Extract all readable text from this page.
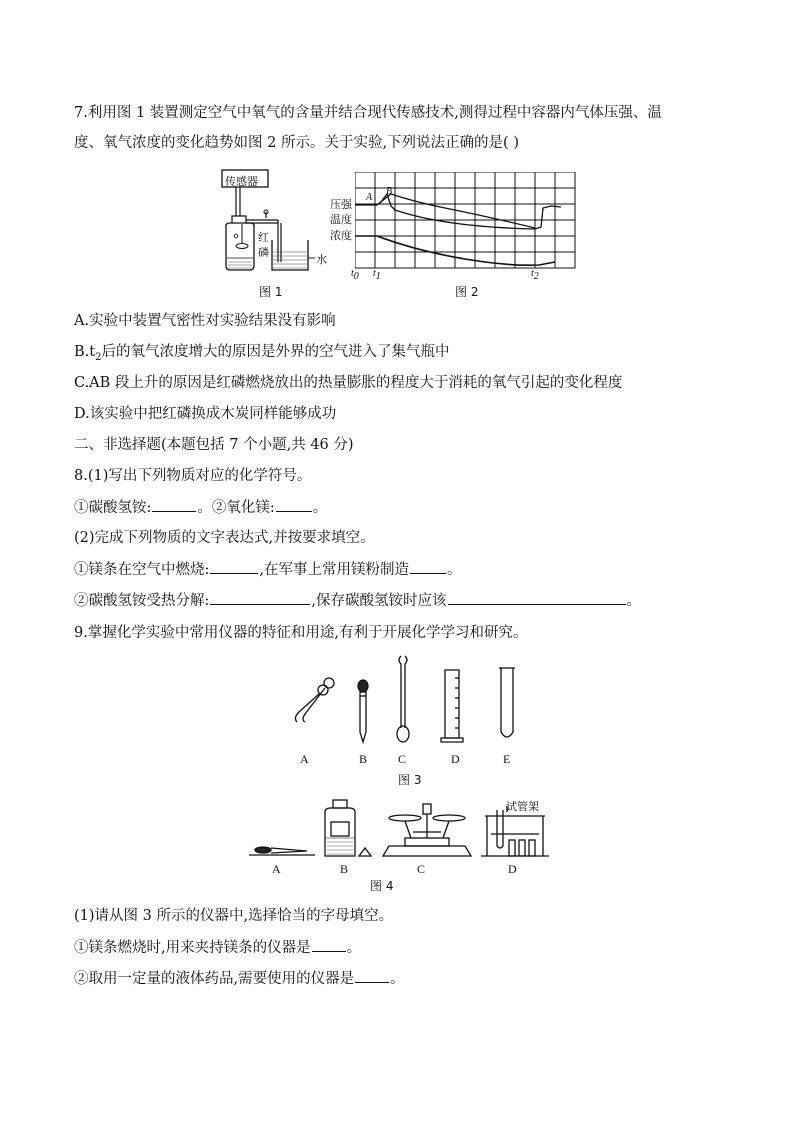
7.利用图 1 装置测定空气中氧气的含量并结合现代传感技术,测得过程中容器内气体压强、温
度、氧气浓度的变化趋势如图 2 所示。关于实验,下列说法正确的是( )
传感器
红
磷
水
图 1
压强
温度
浓度
A
B
$t_0$ $t_1$	$t_2$
图 2
A.实验中装置气密性对实验结果没有影响
$B.t_2$后的氧气浓度增大的原因是外界的空气进入了集气瓶中
C.AB 段上升的原因是红磷燃烧放出的热量膨胀的程度大于消耗的氧气引起的变化程度
D.该实验中把红磷换成木炭同样能够成功
二、非选择题(本题包括 7 个小题,共 46 分)
8.(1)写出下列物质对应的化学符号。
①碳酸氢铵:	。②氧化镁:	。
(2)完成下列物质的文字表达式,并按要求填空。
①镁条在空气中燃烧:	,在军事上常用镁粉制造	。
②碳酸氢铵受热分解:	,保存碳酸氢铵时应该	。
9.掌握化学实验中常用仪器的特征和用途,有利于开展化学学习和研究。
A	B	C	D	E
图 3
试管架
A	B	C	D
图 4
(1)请从图 3 所示的仪器中,选择恰当的字母填空。
①镁条燃烧时,用来夹持镁条的仪器是 。
②取用一定量的液体药品,需要使用的仪器是 。
